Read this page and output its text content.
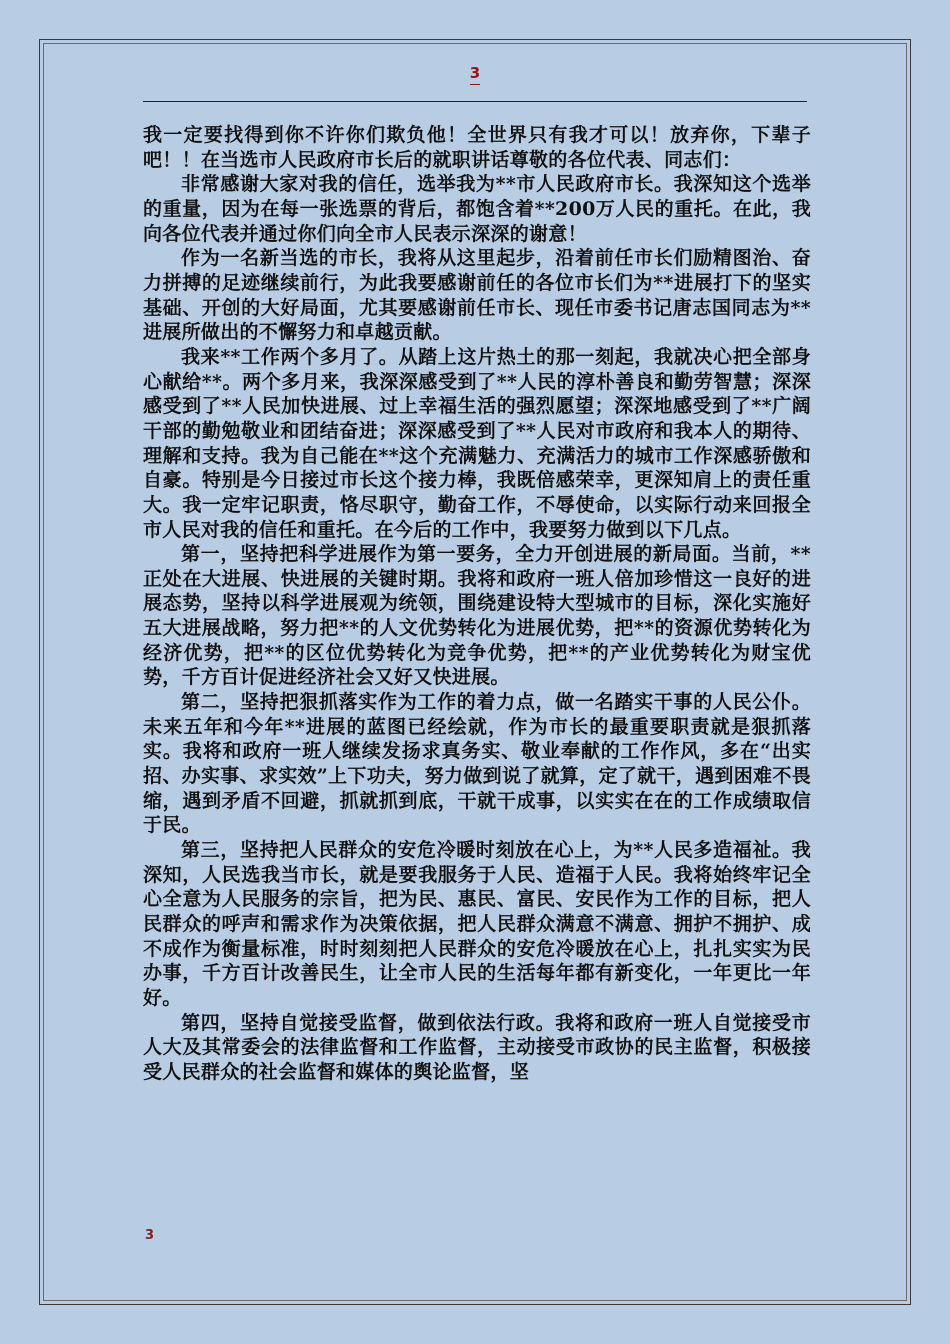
3

我一定要找得到你不许你们欺负他！全世界只有我才可以！放弃你，下辈子吧！！在当选市人民政府市长后的就职讲话尊敬的各位代表、同志们：

非常感谢大家对我的信任，选举我为**市人民政府市长。我深知这个选举的重量，因为在每一张选票的背后，都饱含着**200万人民的重托。在此，我向各位代表并通过你们向全市人民表示深深的谢意！

作为一名新当选的市长，我将从这里起步，沿着前任市长们励精图治、奋力拼搏的足迹继续前行，为此我要感谢前任的各位市长们为**进展打下的坚实基础、开创的大好局面，尤其要感谢前任市长、现任市委书记唐志国同志为**进展所做出的不懈努力和卓越贡献。

我来**工作两个多月了。从踏上这片热土的那一刻起，我就决心把全部身心献给**。两个多月来，我深深感受到了**人民的淳朴善良和勤劳智慧；深深感受到了**人民加快进展、过上幸福生活的强烈愿望；深深地感受到了**广阔干部的勤勉敬业和团结奋进；深深感受到了**人民对市政府和我本人的期待、理解和支持。我为自己能在**这个充满魅力、充满活力的城市工作深感骄傲和自豪。特别是今日接过市长这个接力棒，我既倍感荣幸，更深知肩上的责任重大。我一定牢记职责，恪尽职守，勤奋工作，不辱使命，以实际行动来回报全市人民对我的信任和重托。在今后的工作中，我要努力做到以下几点。

第一，坚持把科学进展作为第一要务，全力开创进展的新局面。当前，**正处在大进展、快进展的关键时期。我将和政府一班人倍加珍惜这一良好的进展态势，坚持以科学进展观为统领，围绕建设特大型城市的目标，深化实施好五大进展战略，努力把**的人文优势转化为进展优势，把**的资源优势转化为经济优势，把**的区位优势转化为竞争优势，把**的产业优势转化为财宝优势，千方百计促进经济社会又好又快进展。

第二，坚持把狠抓落实作为工作的着力点，做一名踏实干事的人民公仆。未来五年和今年**进展的蓝图已经绘就，作为市长的最重要职责就是狠抓落实。我将和政府一班人继续发扬求真务实、敬业奉献的工作作风，多在“出实招、办实事、求实效”上下功夫，努力做到说了就算，定了就干，遇到困难不畏缩，遇到矛盾不回避，抓就抓到底，干就干成事，以实实在在的工作成绩取信于民。

第三，坚持把人民群众的安危冷暖时刻放在心上，为**人民多造福祉。我深知，人民选我当市长，就是要我服务于人民、造福于人民。我将始终牢记全心全意为人民服务的宗旨，把为民、惠民、富民、安民作为工作的目标，把人民群众的呼声和需求作为决策依据，把人民群众满意不满意、拥护不拥护、成不成作为衡量标准，时时刻刻把人民群众的安危冷暖放在心上，扎扎实实为民办事，千方百计改善民生，让全市人民的生活每年都有新变化，一年更比一年好。

第四，坚持自觉接受监督，做到依法行政。我将和政府一班人自觉接受市人大及其常委会的法律监督和工作监督，主动接受市政协的民主监督，积极接受人民群众的社会监督和媒体的舆论监督，坚

3
